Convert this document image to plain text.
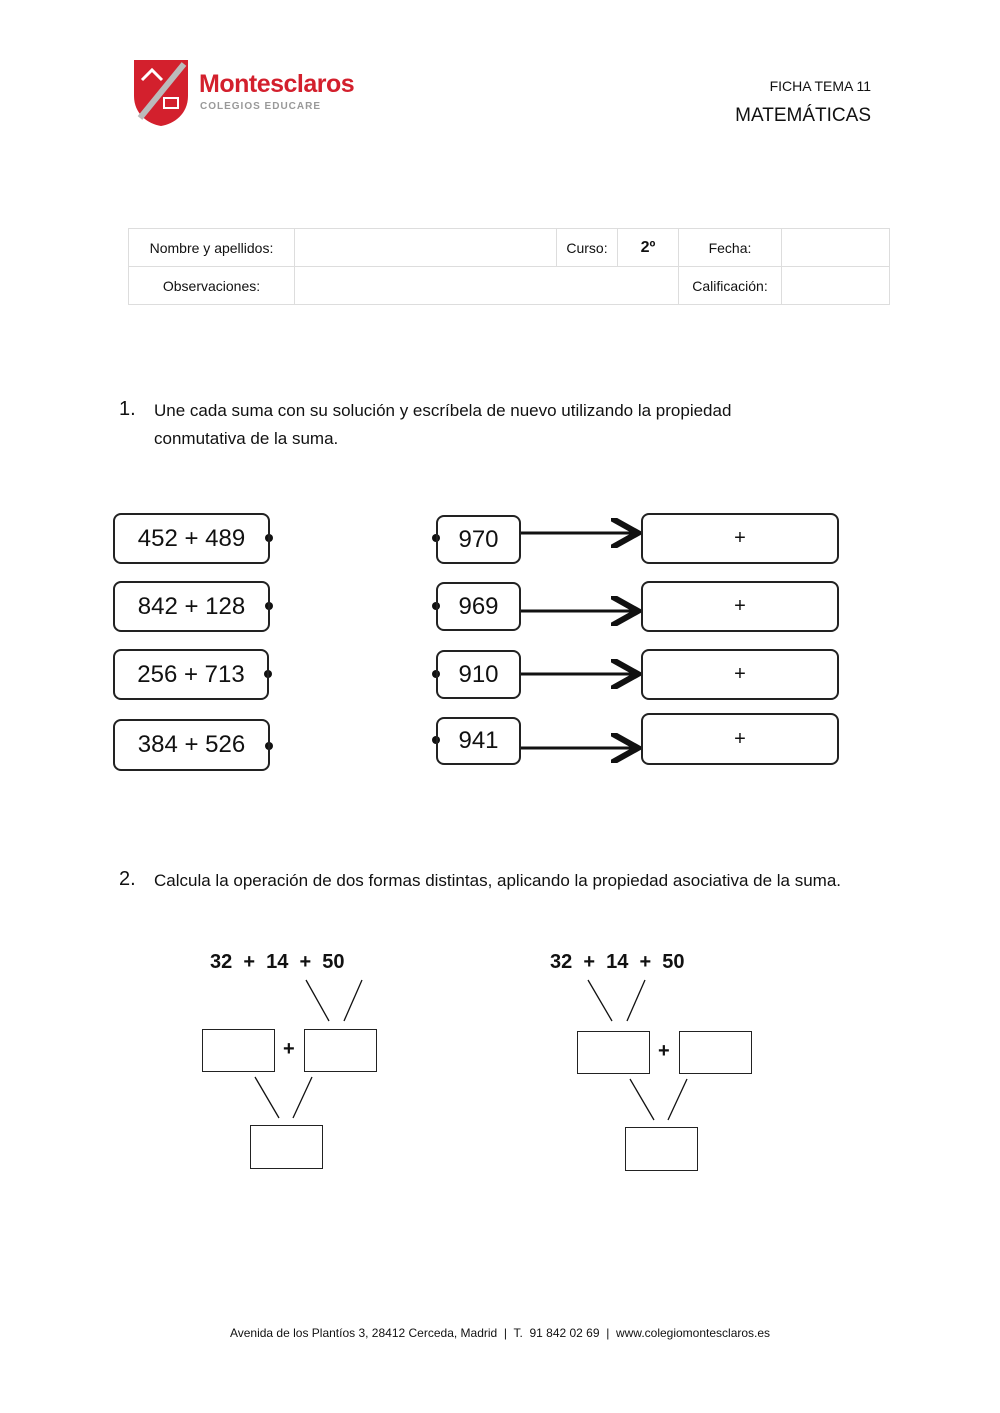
Montesclaros
COLEGIOS EDUCARE
FICHA TEMA 11
MATEMÁTICAS
Nombre y apellidos:		Curso:	2º	Fecha:	
Observaciones:				Calificación:	
1. Une cada suma con su solución y escríbela de nuevo utilizando la propiedad conmutativa de la suma.
452 + 489
842 + 128
256 + 713
384 + 526
970
969
910
941
+
+
+
+
2. Calcula la operación de dos formas distintas, aplicando la propiedad asociativa de la suma.
32  +  14  +  50	32  +  14  +  50
+	+
Avenida de los Plantíos 3, 28412 Cerceda, Madrid  |  T.  91 842 02 69  |  www.colegiomontesclaros.es
